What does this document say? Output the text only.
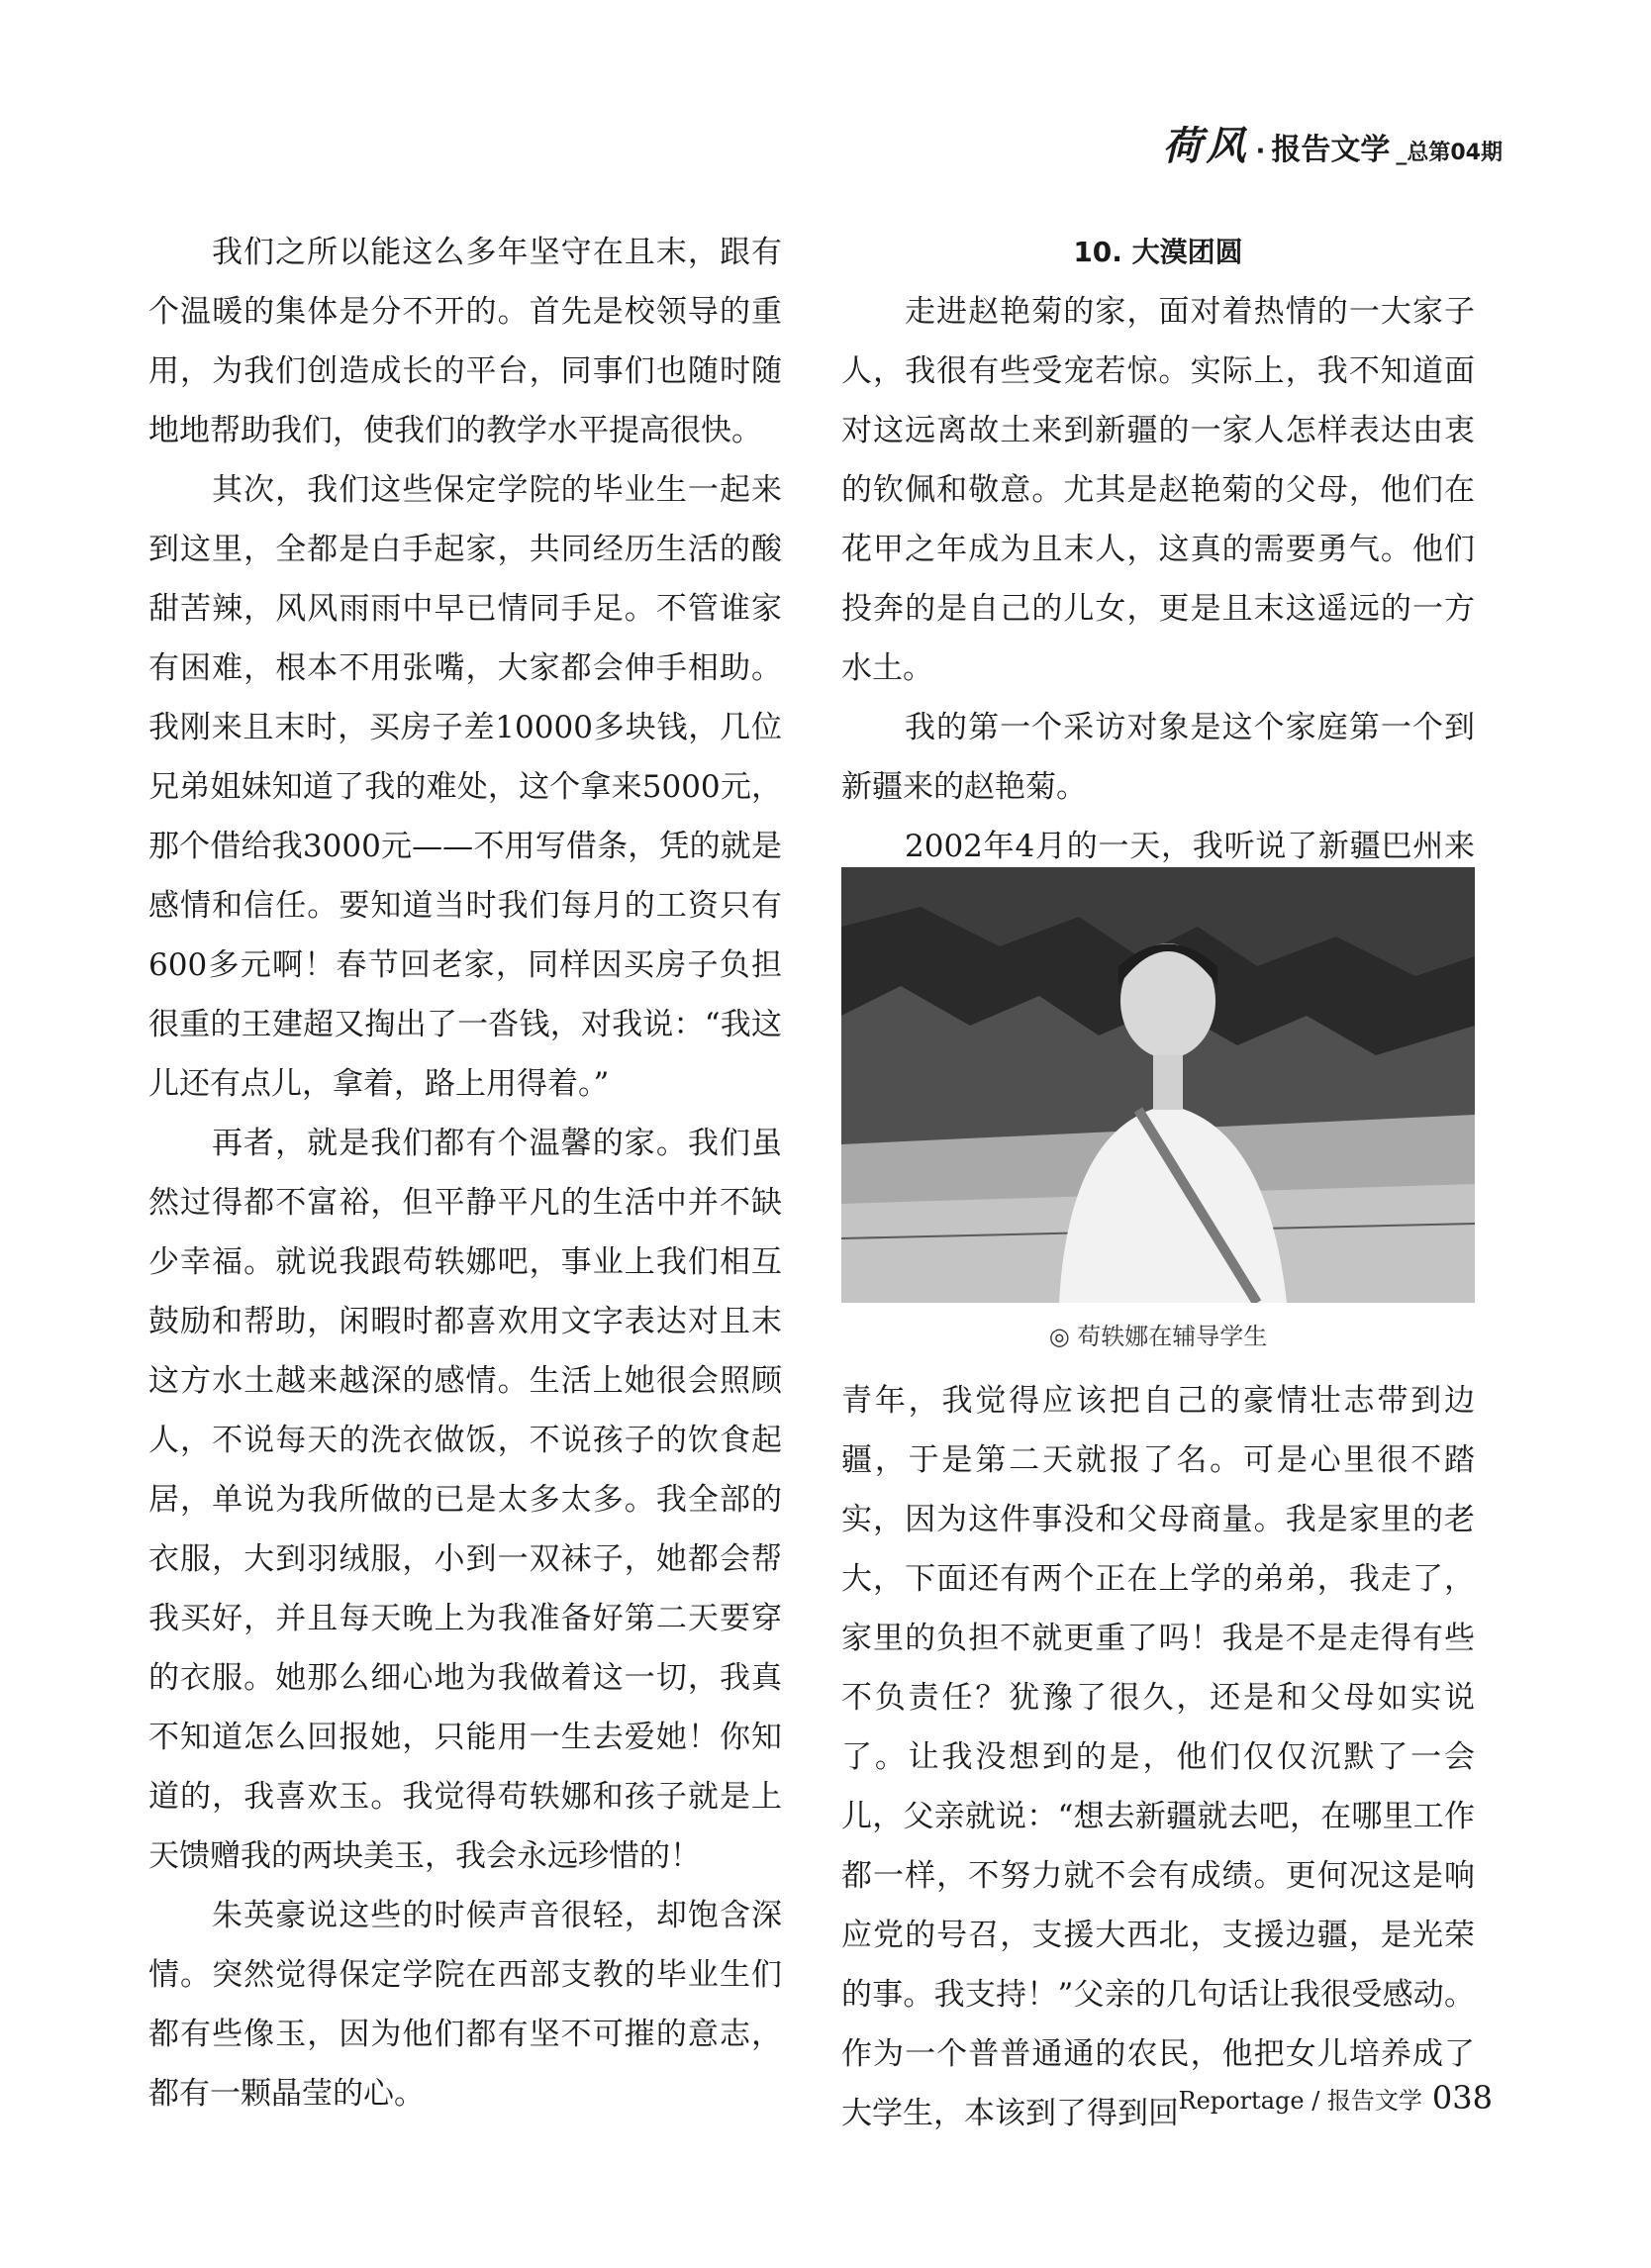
荷风 · 报告文学 _总第04期

我们之所以能这么多年坚守在且末，跟有个温暖的集体是分不开的。首先是校领导的重用，为我们创造成长的平台，同事们也随时随地地帮助我们，使我们的教学水平提高很快。

其次，我们这些保定学院的毕业生一起来到这里，全都是白手起家，共同经历生活的酸甜苦辣，风风雨雨中早已情同手足。不管谁家有困难，根本不用张嘴，大家都会伸手相助。我刚来且末时，买房子差10000多块钱，几位兄弟姐妹知道了我的难处，这个拿来5000元，那个借给我3000元——不用写借条，凭的就是感情和信任。要知道当时我们每月的工资只有600多元啊！春节回老家，同样因买房子负担很重的王建超又掏出了一沓钱，对我说：“我这儿还有点儿，拿着，路上用得着。”

再者，就是我们都有个温馨的家。我们虽然过得都不富裕，但平静平凡的生活中并不缺少幸福。就说我跟苟轶娜吧，事业上我们相互鼓励和帮助，闲暇时都喜欢用文字表达对且末这方水土越来越深的感情。生活上她很会照顾人，不说每天的洗衣做饭，不说孩子的饮食起居，单说为我所做的已是太多太多。我全部的衣服，大到羽绒服，小到一双袜子，她都会帮我买好，并且每天晚上为我准备好第二天要穿的衣服。她那么细心地为我做着这一切，我真不知道怎么回报她，只能用一生去爱她！你知道的，我喜欢玉。我觉得苟轶娜和孩子就是上天馈赠我的两块美玉，我会永远珍惜的！

朱英豪说这些的时候声音很轻，却饱含深情。突然觉得保定学院在西部支教的毕业生们都有些像玉，因为他们都有坚不可摧的意志，都有一颗晶莹的心。

10. 大漠团圆

走进赵艳菊的家，面对着热情的一大家子人，我很有些受宠若惊。实际上，我不知道面对这远离故土来到新疆的一家人怎样表达由衷的钦佩和敬意。尤其是赵艳菊的父母，他们在花甲之年成为且末人，这真的需要勇气。他们投奔的是自己的儿女，更是且末这遥远的一方水土。

我的第一个采访对象是这个家庭第一个到新疆来的赵艳菊。

2002年4月的一天，我听说了新疆巴州来

◎ 苟轶娜在辅导学生

青年，我觉得应该把自己的豪情壮志带到边疆，于是第二天就报了名。可是心里很不踏实，因为这件事没和父母商量。我是家里的老大，下面还有两个正在上学的弟弟，我走了，家里的负担不就更重了吗！我是不是走得有些不负责任？犹豫了很久，还是和父母如实说了。让我没想到的是，他们仅仅沉默了一会儿，父亲就说：“想去新疆就去吧，在哪里工作都一样，不努力就不会有成绩。更何况这是响应党的号召，支援大西北，支援边疆，是光荣的事。我支持！”父亲的几句话让我很受感动。作为一个普普通通的农民，他把女儿培养成了大学生，本该到了得到回 Reportage / 报告文学 038
